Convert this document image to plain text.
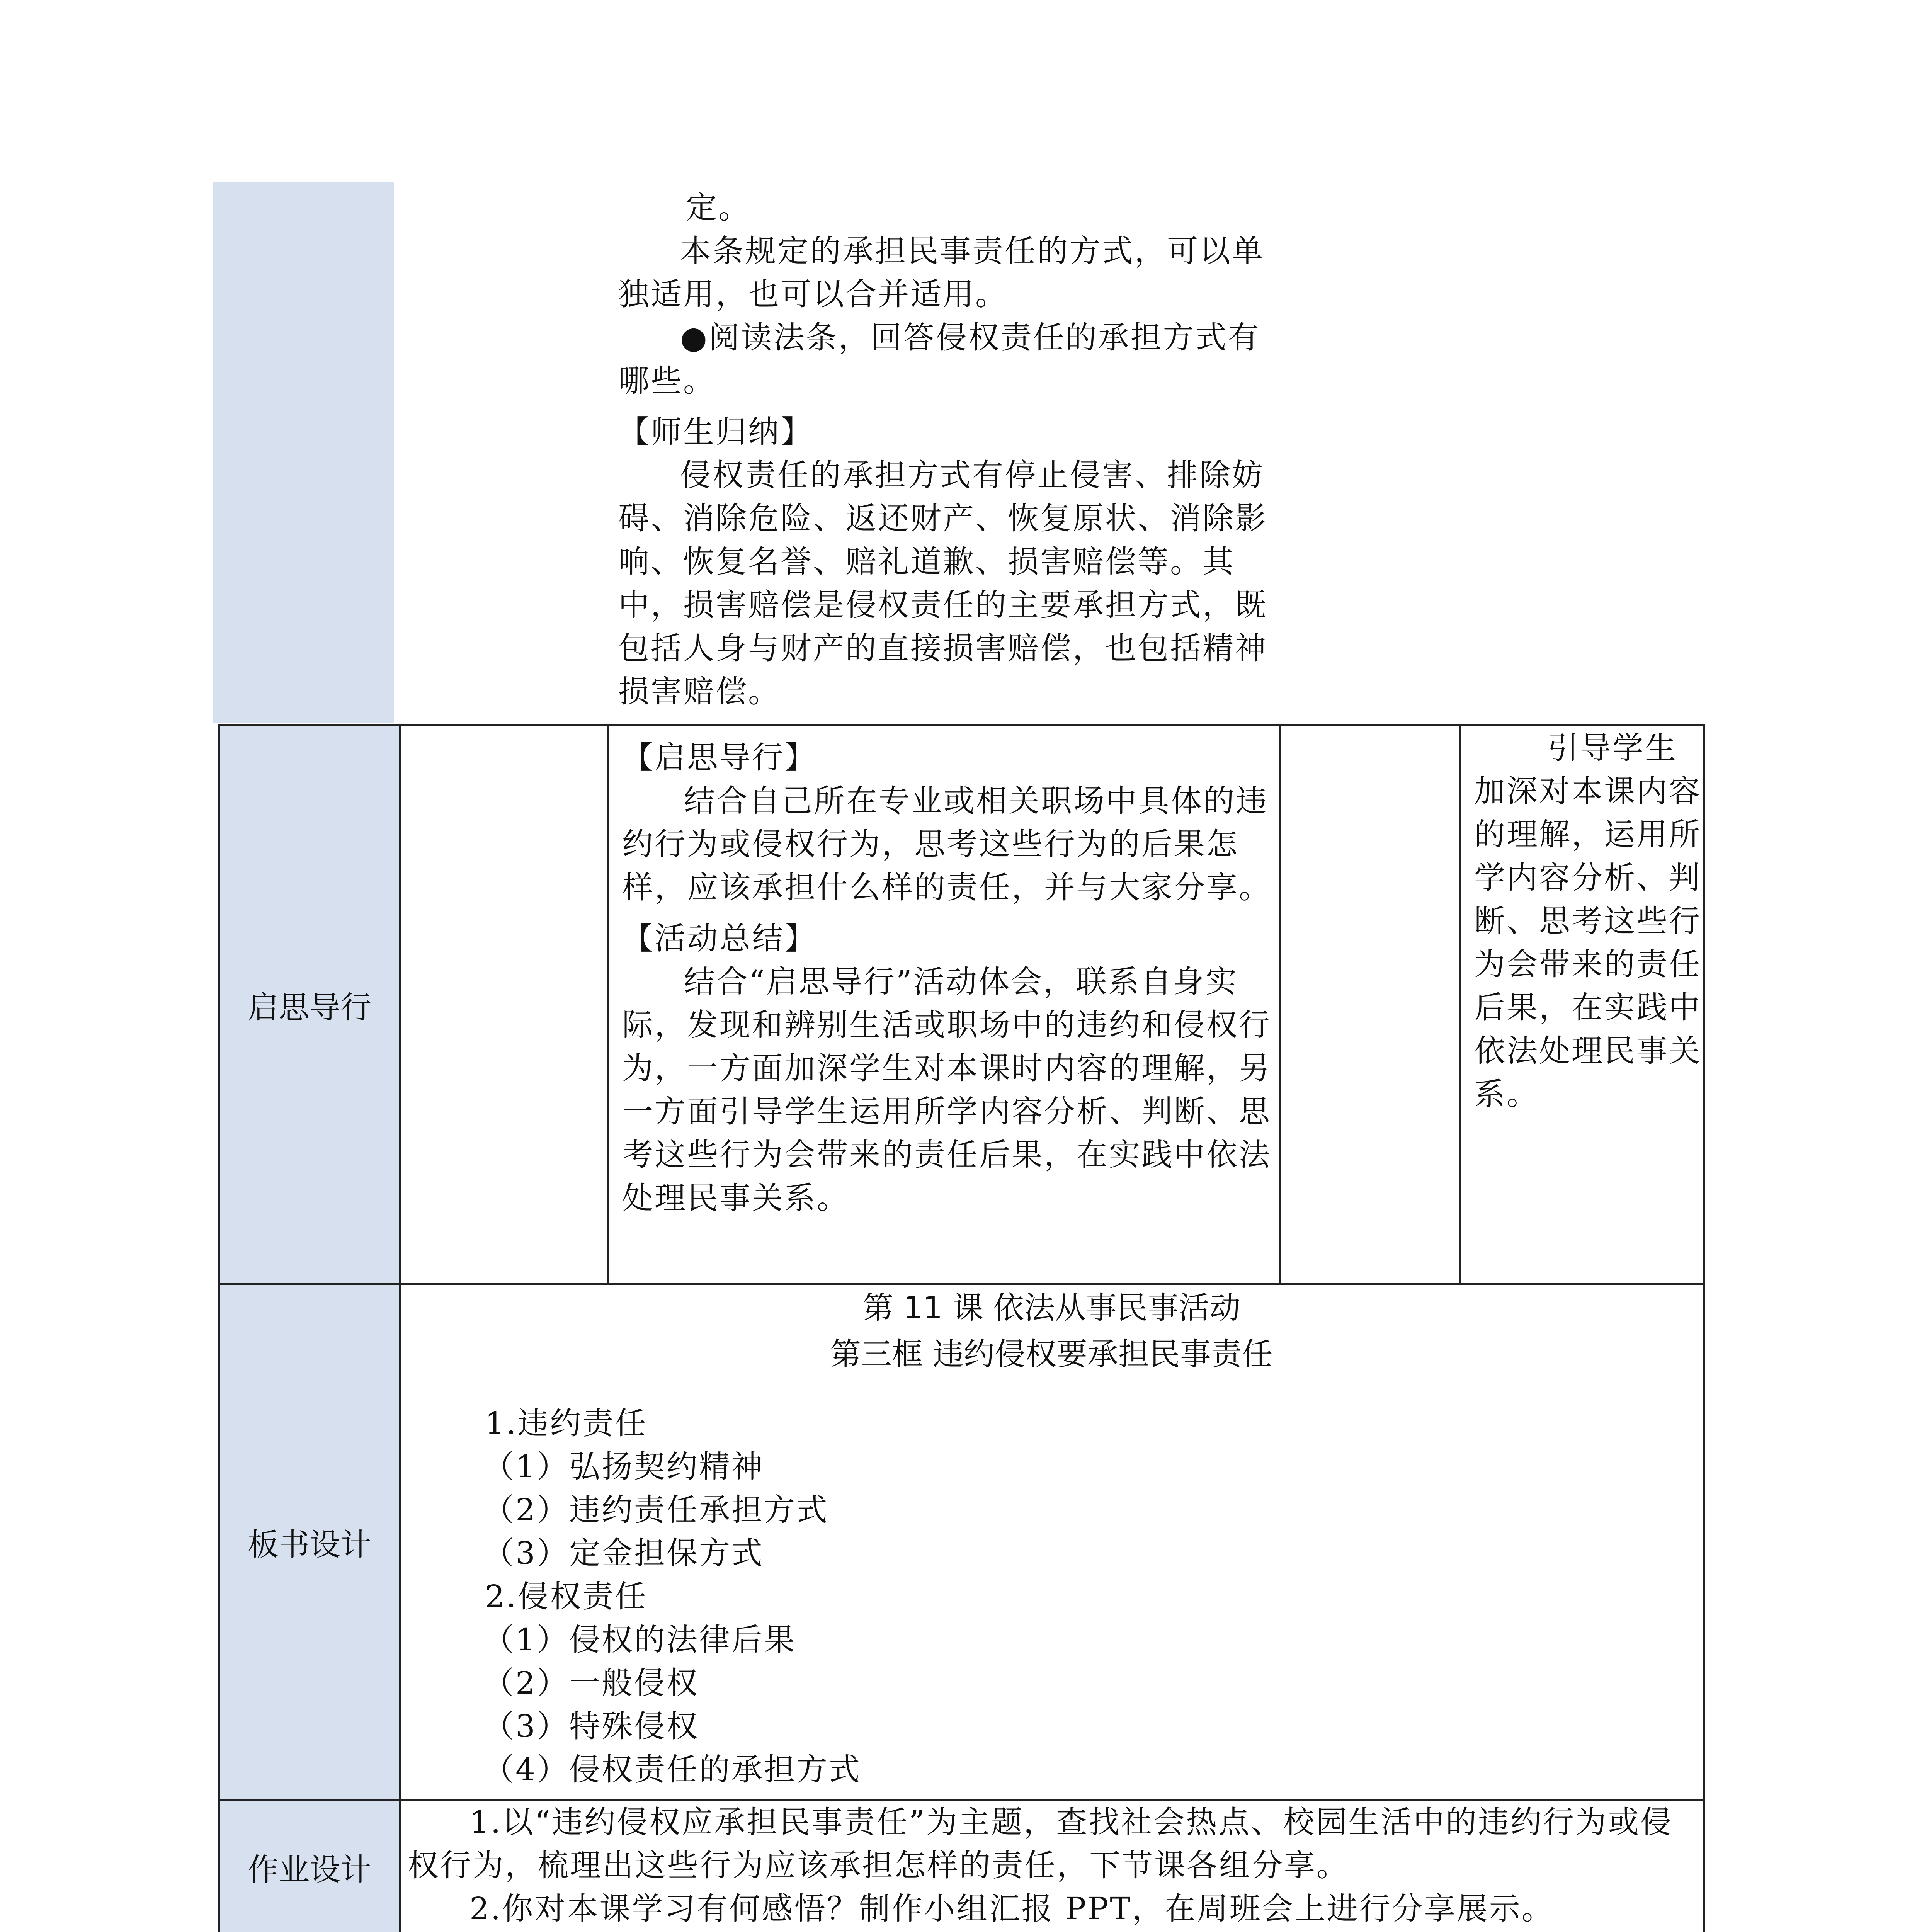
定。

本条规定的承担民事责任的方式，可以单独适用，也可以合并适用。

●阅读法条，回答侵权责任的承担方式有哪些。

【师生归纳】

侵权责任的承担方式有停止侵害、排除妨碍、消除危险、返还财产、恢复原状、消除影响、恢复名誉、赔礼道歉、损害赔偿等。其中，损害赔偿是侵权责任的主要承担方式，既包括人身与财产的直接损害赔偿，也包括精神损害赔偿。

启思导行

【启思导行】

结合自己所在专业或相关职场中具体的违约行为或侵权行为，思考这些行为的后果怎样，应该承担什么样的责任，并与大家分享。

【活动总结】

结合“启思导行”活动体会，联系自身实际，发现和辨别生活或职场中的违约和侵权行为，一方面加深学生对本课时内容的理解，另一方面引导学生运用所学内容分析、判断、思考这些行为会带来的责任后果，在实践中依法处理民事关系。

引导学生加深对本课内容的理解，运用所学内容分析、判断、思考这些行为会带来的责任后果，在实践中依法处理民事关系。
板书设计
第 11 课 依法从事民事活动
第三框 违约侵权要承担民事责任

1.违约责任

（1）弘扬契约精神

（2）违约责任承担方式

（3）定金担保方式

2.侵权责任

（1）侵权的法律后果

（2）一般侵权

（3）特殊侵权

（4）侵权责任的承担方式

作业设计

1.以“违约侵权应承担民事责任”为主题，查找社会热点、校园生活中的违约行为或侵权行为，梳理出这些行为应该承担怎样的责任，下节课各组分享。

2.你对本课学习有何感悟？制作小组汇报 PPT，在周班会上进行分享展示。
